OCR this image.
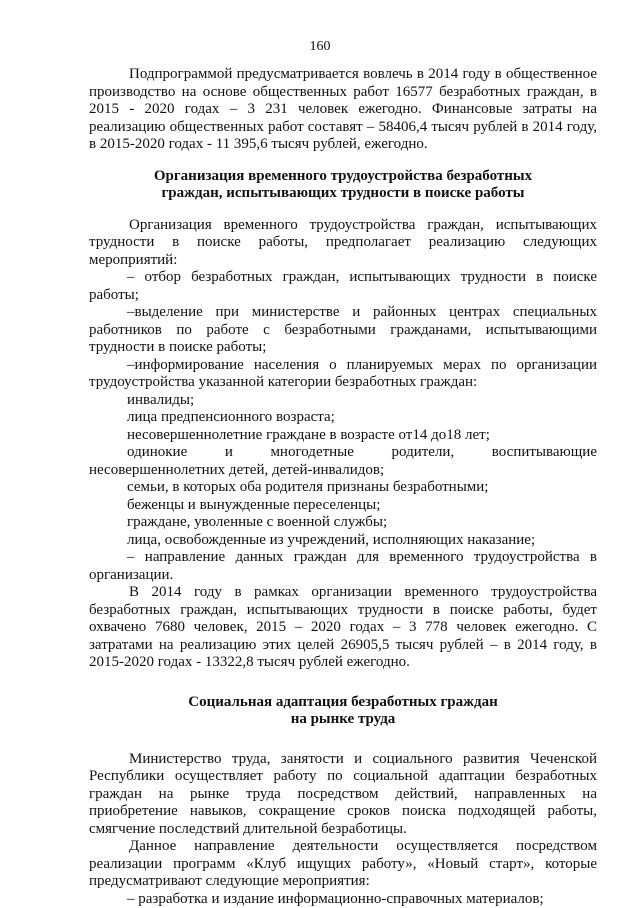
160

Подпрограммой предусматривается вовлечь в 2014 году в общественное производство на основе общественных работ 16577 безработных граждан, в 2015 - 2020 годах – 3 231 человек ежегодно. Финансовые затраты на реализацию общественных работ составят – 58406,4 тысяч рублей в 2014 году, в 2015-2020 годах - 11 395,6 тысяч рублей, ежегодно.

Организация временного трудоустройства безработных

граждан, испытывающих трудности в поиске работы

Организация временного трудоустройства граждан, испытывающих трудности в поиске работы, предполагает реализацию следующих мероприятий:

– отбор безработных граждан, испытывающих трудности в поиске работы;

–выделение при министерстве и районных центрах специальных работников по работе с безработными гражданами, испытывающими трудности в поиске работы;

–информирование населения о планируемых мерах по организации трудоустройства указанной категории безработных граждан:

инвалиды;

лица предпенсионного возраста;

несовершеннолетние граждане в возрасте от14 до18 лет;

одинокие и многодетные родители, воспитывающие несовершеннолетних детей, детей-инвалидов;

семьи, в которых оба родителя признаны безработными;

беженцы и вынужденные переселенцы;

граждане, уволенные с военной службы;

лица, освобожденные из учреждений, исполняющих наказание;

– направление данных граждан для временного трудоустройства в организации.

В 2014 году в рамках организации временного трудоустройства безработных граждан, испытывающих трудности в поиске работы, будет охвачено 7680 человек, 2015 – 2020 годах – 3 778 человек ежегодно. С затратами на реализацию этих целей 26905,5 тысяч рублей – в 2014 году, в 2015-2020 годах - 13322,8 тысяч рублей ежегодно.

Социальная адаптация безработных граждан

на рынке труда

Министерство труда, занятости и социального развития Чеченской Республики осуществляет работу по социальной адаптации безработных граждан на рынке труда посредством действий, направленных на приобретение навыков, сокращение сроков поиска подходящей работы, смягчение последствий длительной безработицы.

Данное направление деятельности осуществляется посредством реализации программ «Клуб ищущих работу», «Новый старт», которые предусматривают следующие мероприятия:

– разработка и издание информационно-справочных материалов;
